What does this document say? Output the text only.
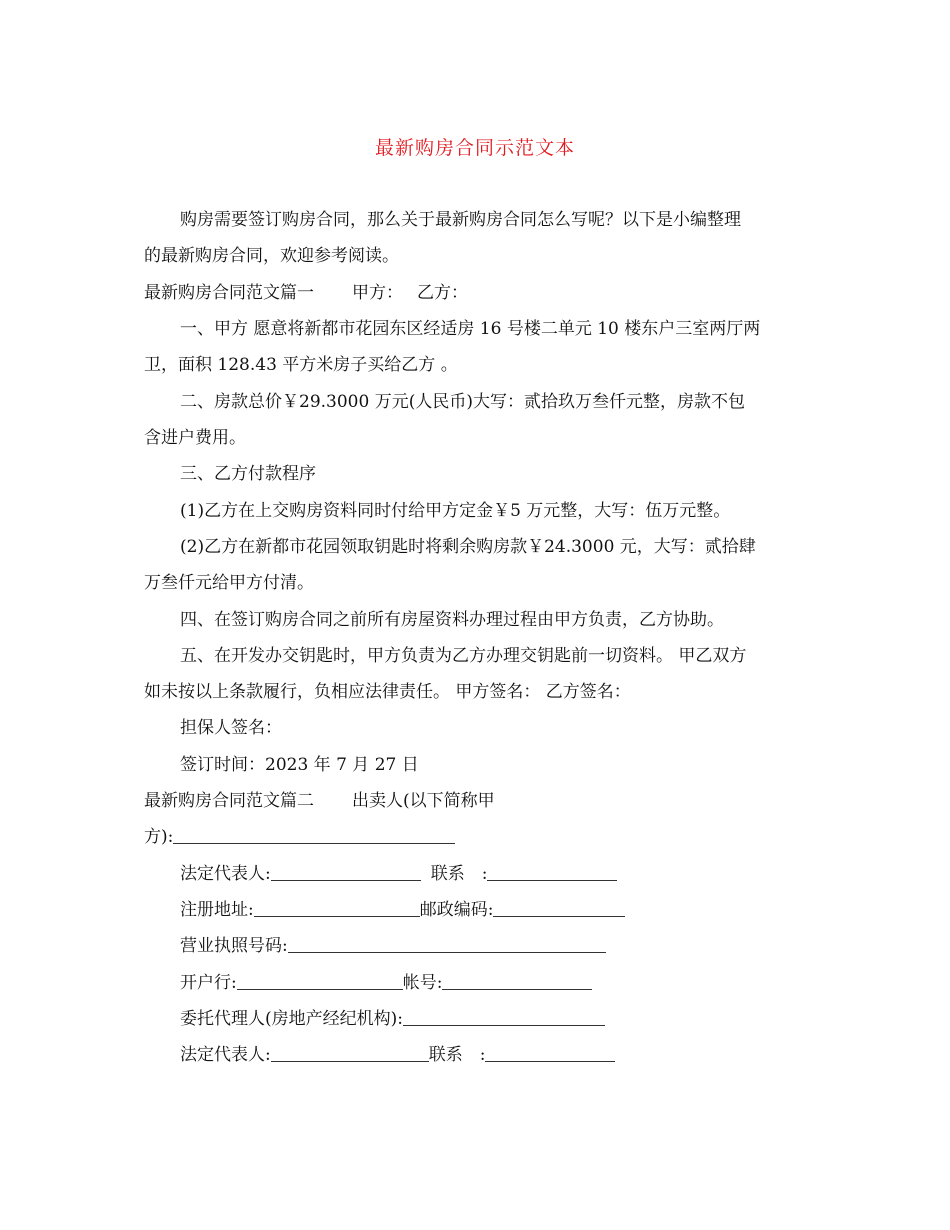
最新购房合同示范文本
购房需要签订购房合同，那么关于最新购房合同怎么写呢？以下是小编整理
的最新购房合同，欢迎参考阅读。
最新购房合同范文篇一 甲方： 乙方：
一、甲方 愿意将新都市花园东区经适房 16 号楼二单元 10 楼东户三室两厅两
卫，面积 128.43 平方米房子买给乙方 。
二、房款总价￥29.3000 万元(人民币)大写：贰拾玖万叁仟元整，房款不包
含进户费用。
三、乙方付款程序
(1)乙方在上交购房资料同时付给甲方定金￥5 万元整，大写：伍万元整。
(2)乙方在新都市花园领取钥匙时将剩余购房款￥24.3000 元，大写：贰拾肆
万叁仟元给甲方付清。
四、在签订购房合同之前所有房屋资料办理过程由甲方负责，乙方协助。
五、在开发办交钥匙时，甲方负责为乙方办理交钥匙前一切资料。 甲乙双方
如未按以上条款履行，负相应法律责任。 甲方签名： 乙方签名：
担保人签名：
签订时间：2023 年 7 月 27 日
最新购房合同范文篇二 出卖人(以下简称甲
方):
法定代表人:	联系　:
注册地址:	邮政编码:
营业执照号码:
开户行:	帐号:
委托代理人(房地产经纪机构):
法定代表人:	联系　:
